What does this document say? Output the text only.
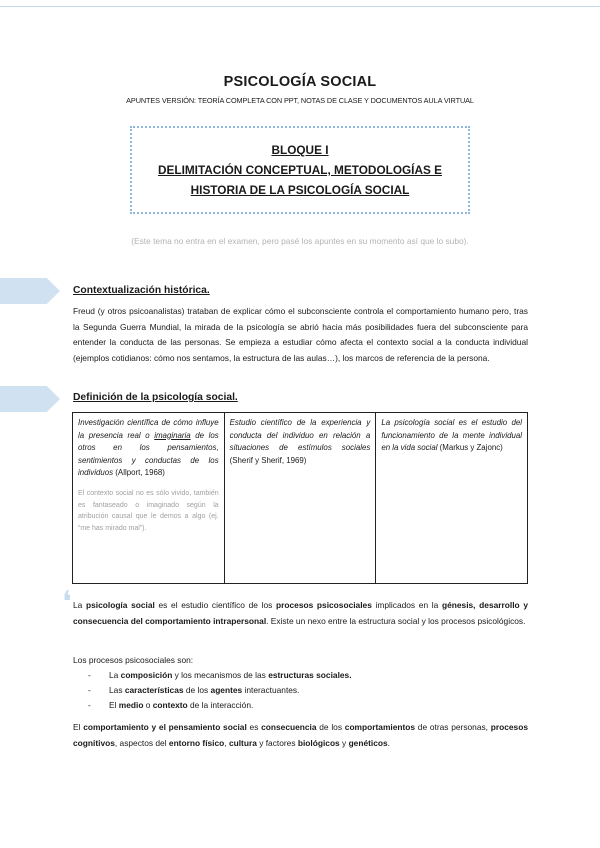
PSICOLOGÍA SOCIAL
APUNTES VERSIÓN: TEORÍA COMPLETA CON PPT, NOTAS DE CLASE Y DOCUMENTOS AULA VIRTUAL
BLOQUE I
DELIMITACIÓN CONCEPTUAL, METODOLOGÍAS E
HISTORIA DE LA PSICOLOGÍA SOCIAL
(Este tema no entra en el examen, pero pasé los apuntes en su momento así que lo subo).
Contextualización histórica.
Freud (y otros psicoanalistas) trataban de explicar cómo el subconsciente controla el comportamiento humano pero, tras la Segunda Guerra Mundial, la mirada de la psicología se abrió hacia más posibilidades fuera del subconsciente para entender la conducta de las personas. Se empieza a estudiar cómo afecta el contexto social a la conducta individual (ejemplos cotidianos: cómo nos sentamos, la estructura de las aulas…), los marcos de referencia de la persona.
Definición de la psicología social.
Investigación científica de cómo influye la presencia real o imaginaria de los otros en los pensamientos, sentimientos y conductas de los individuos (Allport, 1968)
El contexto social no es sólo vivido, también es fantaseado o imaginado según la atribución causal que le demos a algo (ej. “me has mirado mal”).
	Estudio científico de la experiencia y conducta del individuo en relación a situaciones de estímulos sociales (Sherif y Sherif, 1969)	La psicología social es el estudio del funcionamiento de la mente individual en la vida social (Markus y Zajonc)
❛ La psicología social es el estudio científico de los procesos psicosociales implicados en la génesis, desarrollo y consecuencia del comportamiento intrapersonal. Existe un nexo entre la estructura social y los procesos psicológicos.
Los procesos psicosociales son:
- La composición y los mecanismos de las estructuras sociales.
- Las características de los agentes interactuantes.
- El medio o contexto de la interacción.
El comportamiento y el pensamiento social es consecuencia de los comportamientos de otras personas, procesos cognitivos, aspectos del entorno físico, cultura y factores biológicos y genéticos.
